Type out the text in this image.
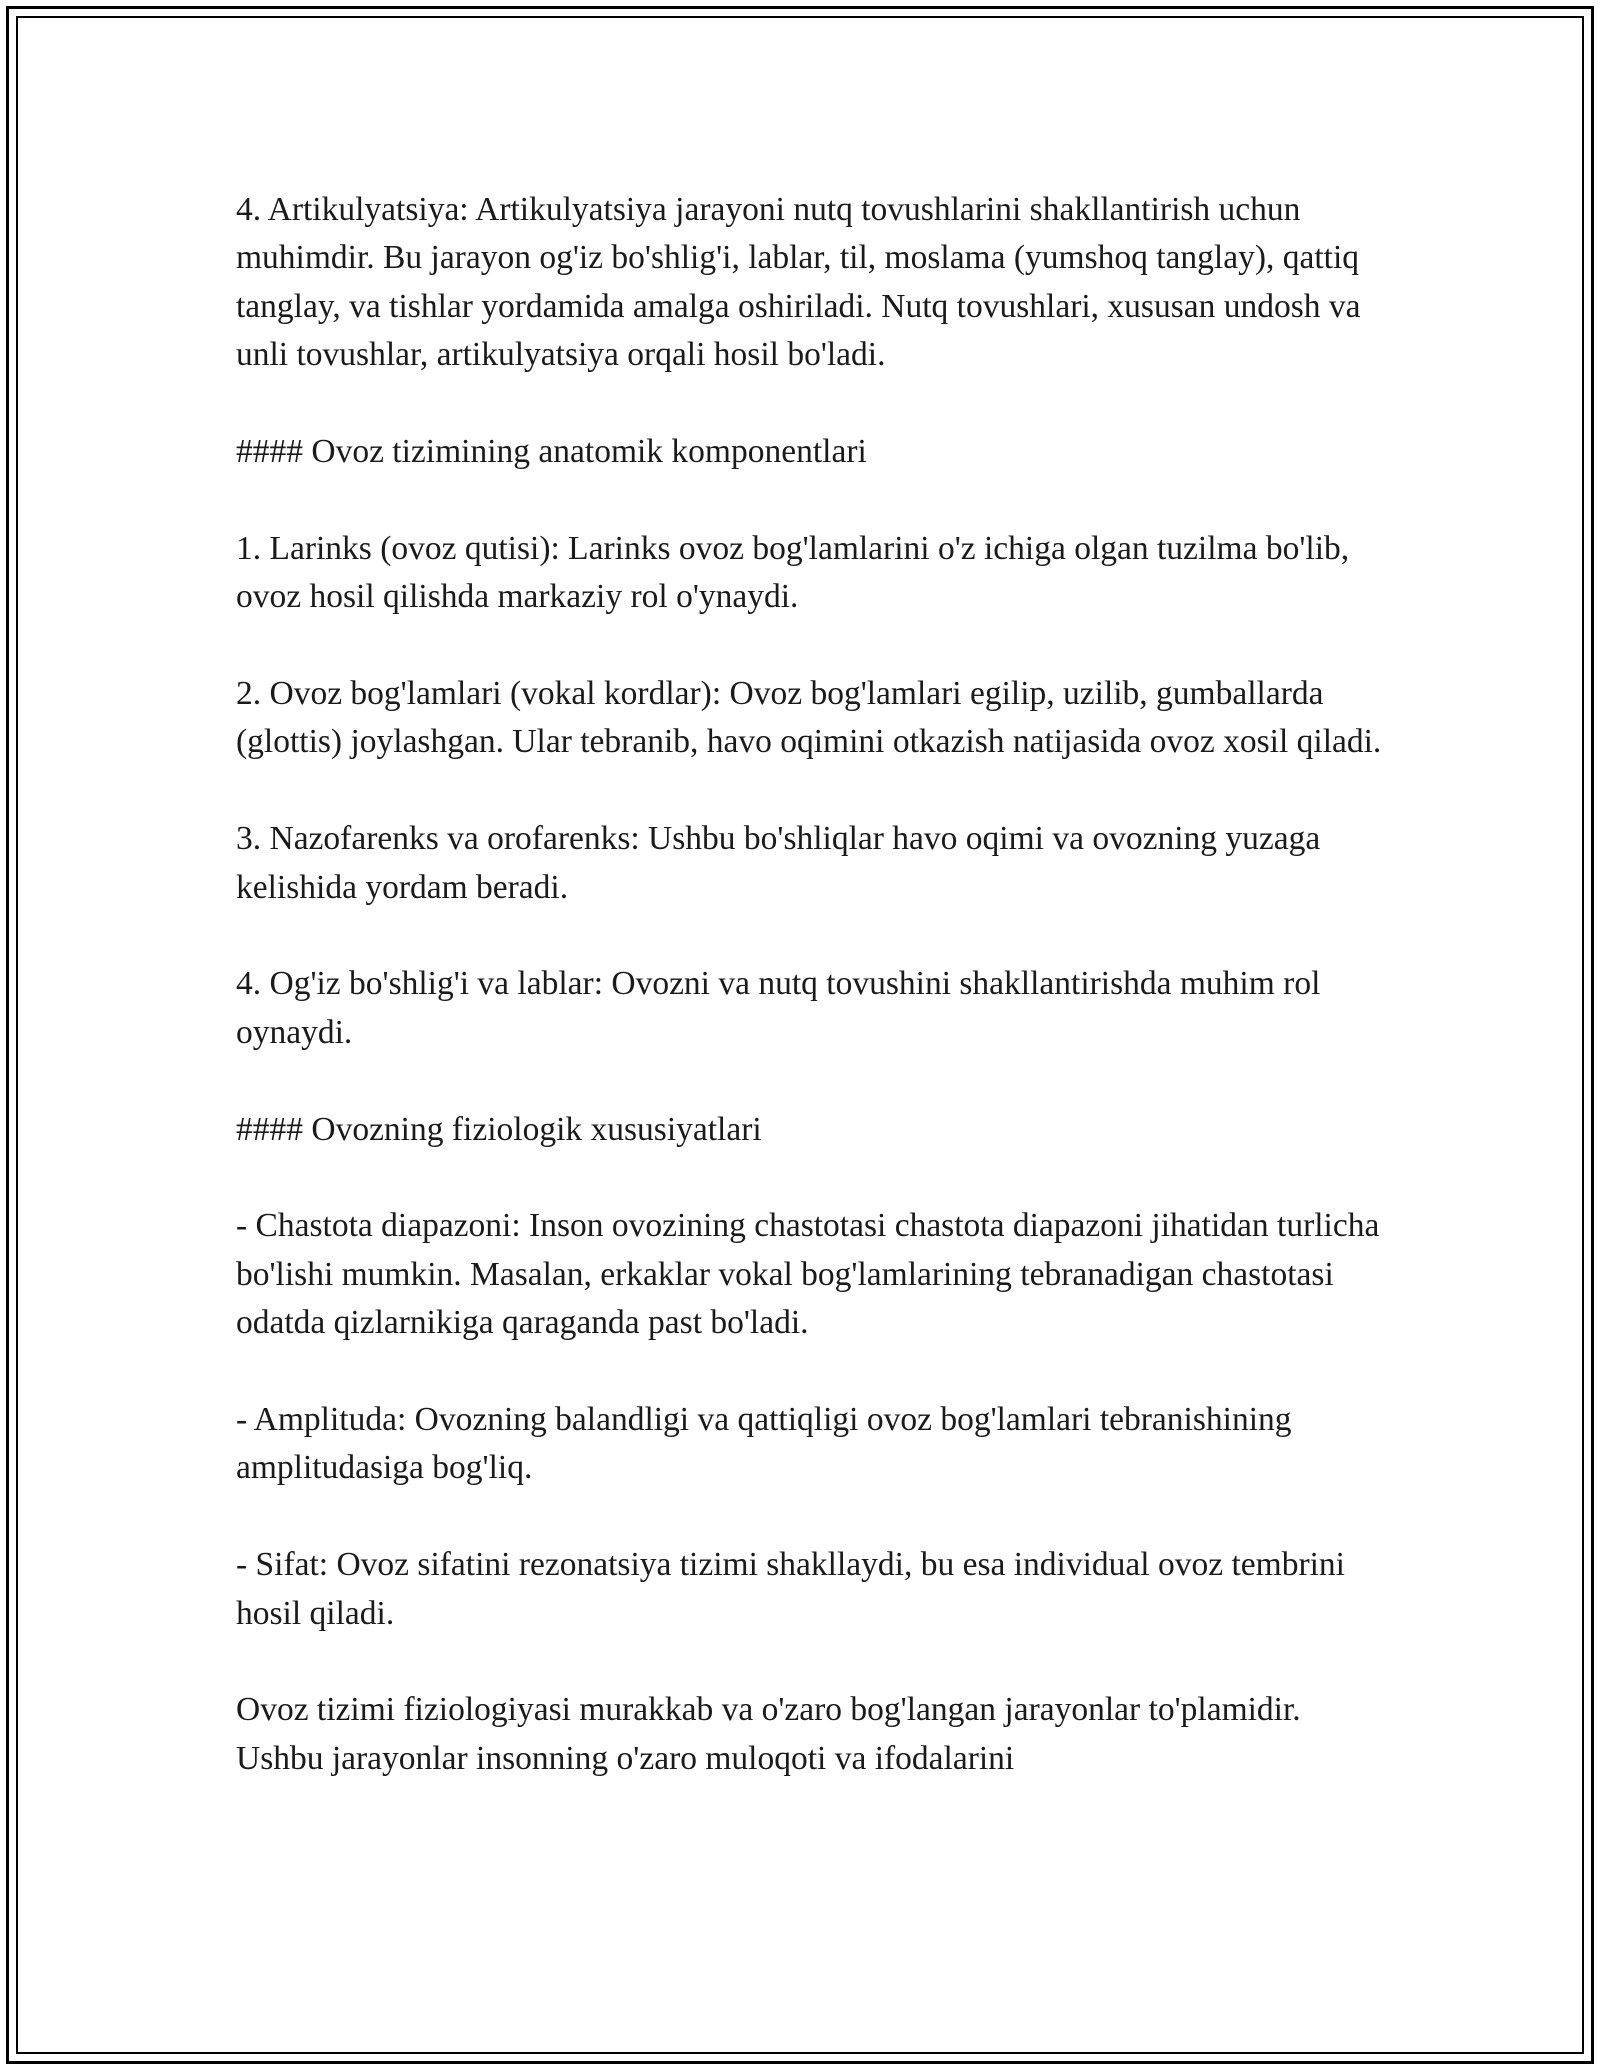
4. Artikulyatsiya: Artikulyatsiya jarayoni nutq tovushlarini shakllantirish uchun muhimdir. Bu jarayon og'iz bo'shlig'i, lablar, til, moslama (yumshoq tanglay), qattiq tanglay, va tishlar yordamida amalga oshiriladi. Nutq tovushlari, xususan undosh va unli tovushlar, artikulyatsiya orqali hosil bo'ladi.

#### Ovoz tizimining anatomik komponentlari

1. Larinks (ovoz qutisi): Larinks ovoz bog'lamlarini o'z ichiga olgan tuzilma bo'lib, ovoz hosil qilishda markaziy rol o'ynaydi.

2. Ovoz bog'lamlari (vokal kordlar): Ovoz bog'lamlari egilip, uzilib, gumballarda (glottis) joylashgan. Ular tebranib, havo oqimini otkazish natijasida ovoz xosil qiladi.

3. Nazofarenks va orofarenks: Ushbu bo'shliqlar havo oqimi va ovozning yuzaga kelishida yordam beradi.

4. Og'iz bo'shlig'i va lablar: Ovozni va nutq tovushini shakllantirishda muhim rol oynaydi.

#### Ovozning fiziologik xususiyatlari

- Chastota diapazoni: Inson ovozining chastotasi chastota diapazoni jihatidan turlicha bo'lishi mumkin. Masalan, erkaklar vokal bog'lamlarining tebranadigan chastotasi odatda qizlarnikiga qaraganda past bo'ladi.

- Amplituda: Ovozning balandligi va qattiqligi ovoz bog'lamlari tebranishining amplitudasiga bog'liq.

- Sifat: Ovoz sifatini rezonatsiya tizimi shakllaydi, bu esa individual ovoz tembrini hosil qiladi.

Ovoz tizimi fiziologiyasi murakkab va o'zaro bog'langan jarayonlar to'plamidir. Ushbu jarayonlar insonning o'zaro muloqoti va ifodalarini
